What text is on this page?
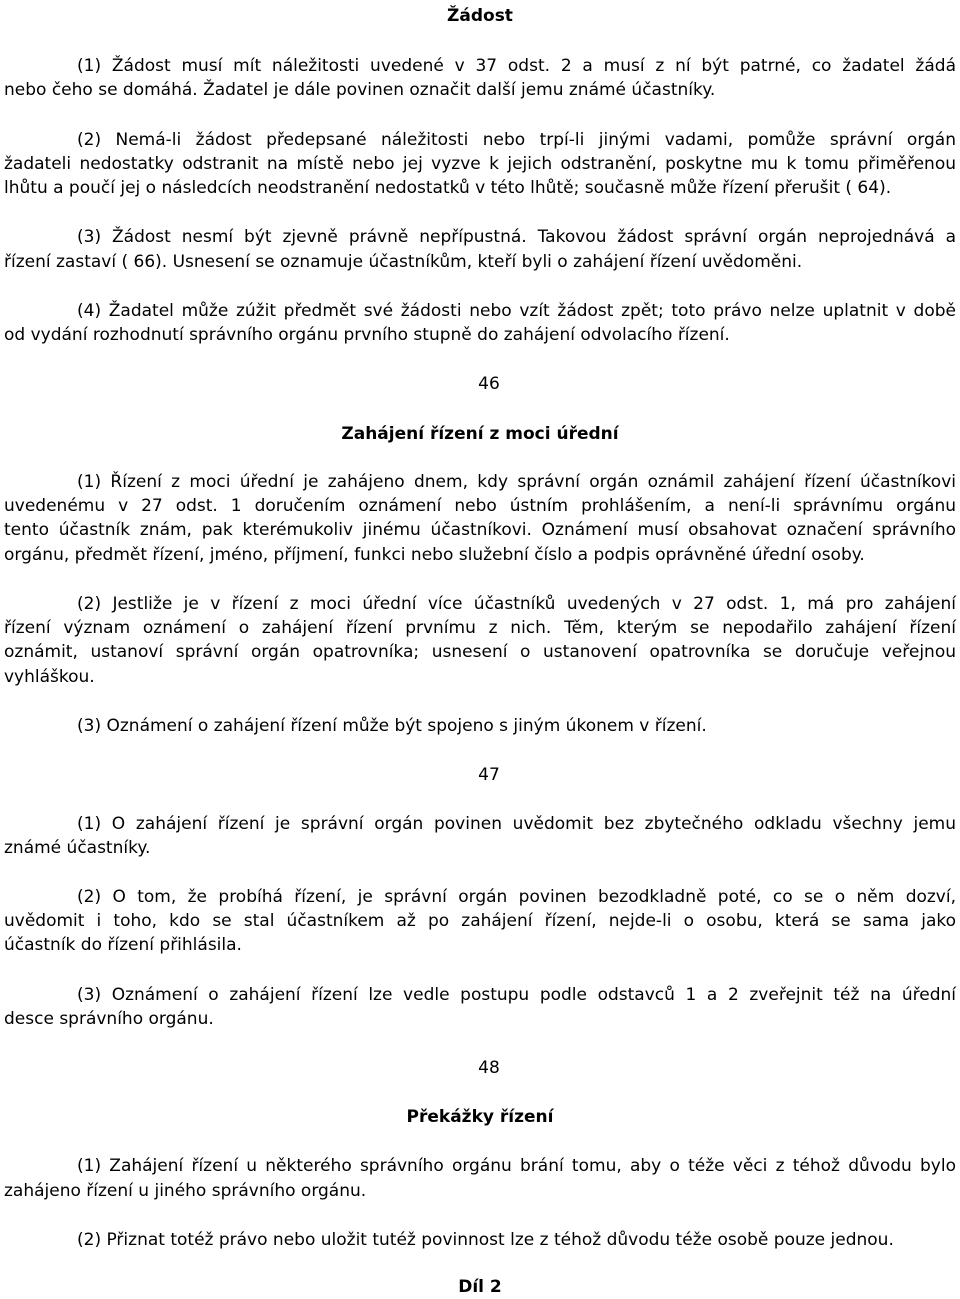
Žádost
(1) Žádost musí mít náležitosti uvedené v 37 odst. 2 a musí z ní být patrné, co žadatel žádá
nebo čeho se domáhá. Žadatel je dále povinen označit další jemu známé účastníky.
(2) Nemá-li žádost předepsané náležitosti nebo trpí-li jinými vadami, pomůže správní orgán
žadateli nedostatky odstranit na místě nebo jej vyzve k jejich odstranění, poskytne mu k tomu přiměřenou
lhůtu a poučí jej o následcích neodstranění nedostatků v této lhůtě; současně může řízení přerušit ( 64).
(3) Žádost nesmí být zjevně právně nepřípustná. Takovou žádost správní orgán neprojednává a
řízení zastaví ( 66). Usnesení se oznamuje účastníkům, kteří byli o zahájení řízení uvědoměni.
(4) Žadatel může zúžit předmět své žádosti nebo vzít žádost zpět; toto právo nelze uplatnit v době
od vydání rozhodnutí správního orgánu prvního stupně do zahájení odvolacího řízení.
46
Zahájení řízení z moci úřední
(1) Řízení z moci úřední je zahájeno dnem, kdy správní orgán oznámil zahájení řízení účastníkovi
uvedenému v 27 odst. 1 doručením oznámení nebo ústním prohlášením, a není-li správnímu orgánu
tento účastník znám, pak kterémukoliv jinému účastníkovi. Oznámení musí obsahovat označení správního
orgánu, předmět řízení, jméno, příjmení, funkci nebo služební číslo a podpis oprávněné úřední osoby.
(2) Jestliže je v řízení z moci úřední více účastníků uvedených v 27 odst. 1, má pro zahájení
řízení význam oznámení o zahájení řízení prvnímu z nich. Těm, kterým se nepodařilo zahájení řízení
oznámit, ustanoví správní orgán opatrovníka; usnesení o ustanovení opatrovníka se doručuje veřejnou
vyhláškou.
(3) Oznámení o zahájení řízení může být spojeno s jiným úkonem v řízení.
47
(1) O zahájení řízení je správní orgán povinen uvědomit bez zbytečného odkladu všechny jemu
známé účastníky.
(2) O tom, že probíhá řízení, je správní orgán povinen bezodkladně poté, co se o něm dozví,
uvědomit i toho, kdo se stal účastníkem až po zahájení řízení, nejde-li o osobu, která se sama jako
účastník do řízení přihlásila.
(3) Oznámení o zahájení řízení lze vedle postupu podle odstavců 1 a 2 zveřejnit též na úřední
desce správního orgánu.
48
Překážky řízení
(1) Zahájení řízení u některého správního orgánu brání tomu, aby o téže věci z téhož důvodu bylo
zahájeno řízení u jiného správního orgánu.
(2) Přiznat totéž právo nebo uložit tutéž povinnost lze z téhož důvodu téže osobě pouze jednou.
Díl 2
